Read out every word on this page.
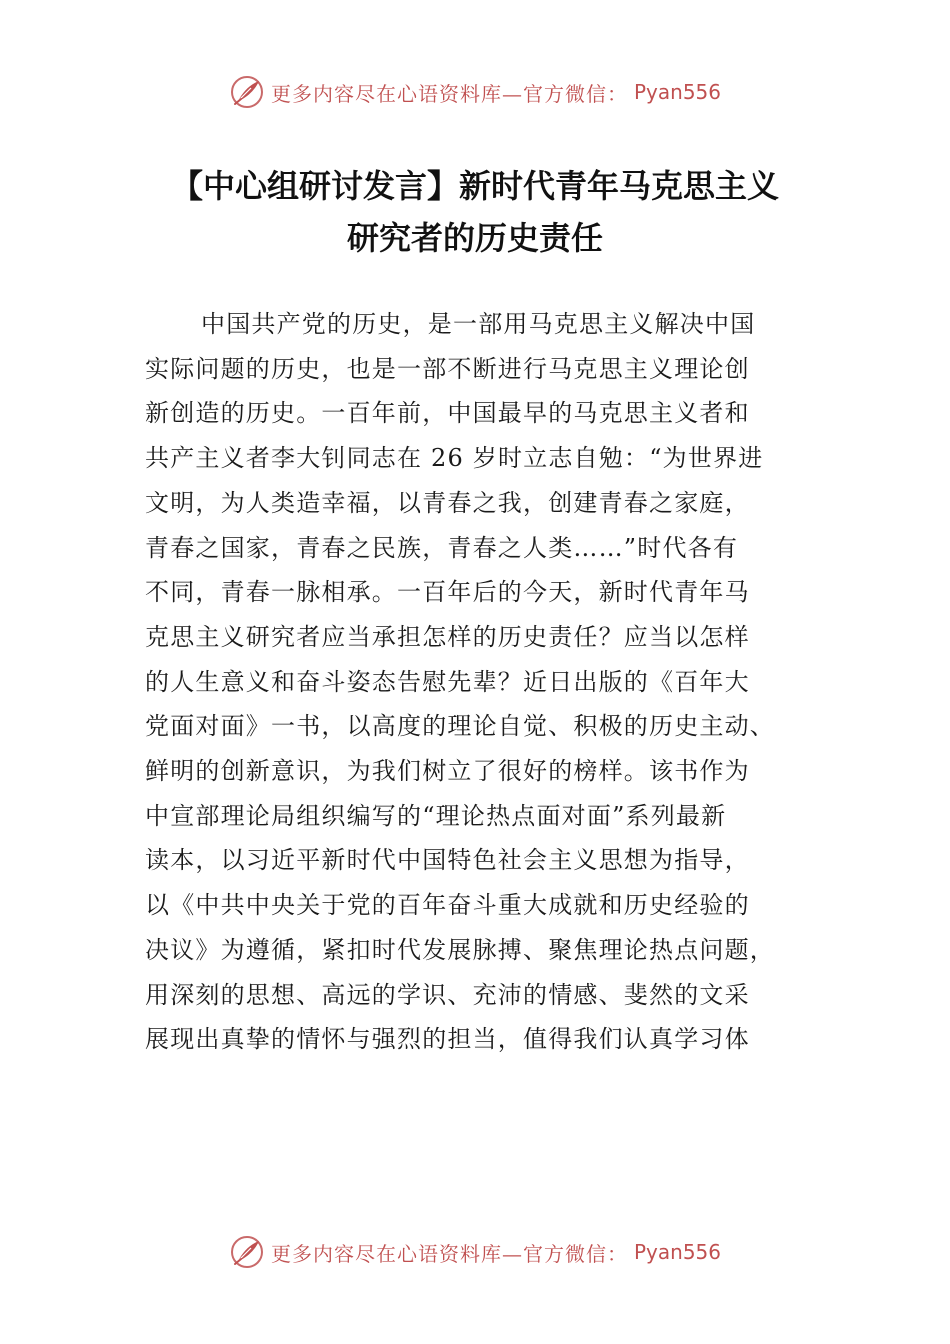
更多内容尽在心语资料库—官方微信： Pyan556
【中心组研讨发言】新时代青年马克思主义
研究者的历史责任

中国共产党的历史，是一部用马克思主义解决中国
实际问题的历史，也是一部不断进行马克思主义理论创
新创造的历史。一百年前，中国最早的马克思主义者和
共产主义者李大钊同志在 26 岁时立志自勉：“为世界进
文明，为人类造幸福，以青春之我，创建青春之家庭，
青春之国家，青春之民族，青春之人类……”时代各有
不同，青春一脉相承。一百年后的今天，新时代青年马
克思主义研究者应当承担怎样的历史责任？应当以怎样
的人生意义和奋斗姿态告慰先辈？近日出版的《百年大
党面对面》一书，以高度的理论自觉、积极的历史主动、
鲜明的创新意识，为我们树立了很好的榜样。该书作为
中宣部理论局组织编写的“理论热点面对面”系列最新
读本，以习近平新时代中国特色社会主义思想为指导，
以《中共中央关于党的百年奋斗重大成就和历史经验的
决议》为遵循，紧扣时代发展脉搏、聚焦理论热点问题，
用深刻的思想、高远的学识、充沛的情感、斐然的文采
展现出真挚的情怀与强烈的担当，值得我们认真学习体

更多内容尽在心语资料库—官方微信： Pyan556
